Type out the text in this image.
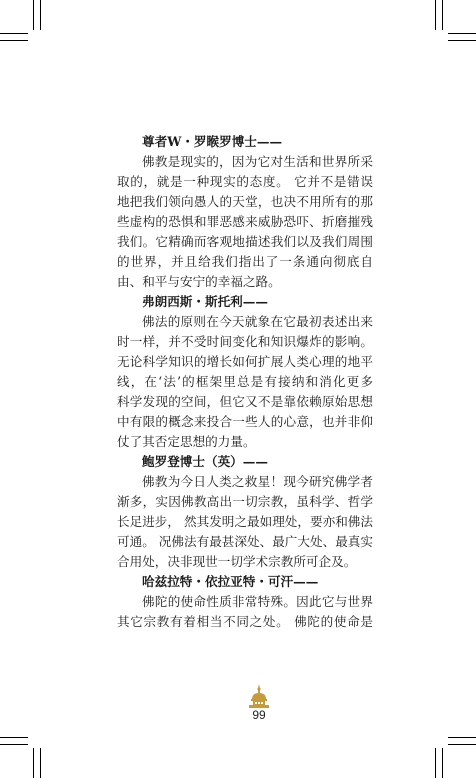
尊者W・罗睺罗博士——

佛教是现实的，因为它对生活和世界所采

取的，就是一种现实的态度。 它并不是错误

地把我们领向愚人的天堂，也决不用所有的那

些虚构的恐惧和罪恶感来威胁恐吓、折磨摧残

我们。它精确而客观地描述我们以及我们周围

的世界，并且给我们指出了一条通向彻底自

由、和平与安宁的幸福之路。

弗朗西斯・斯托利——

佛法的原则在今天就象在它最初表述出来

时一样，并不受时间变化和知识爆炸的影响。

无论科学知识的增长如何扩展人类心理的地平

线，在‘法’的框架里总是有接纳和消化更多

科学发现的空间，但它又不是靠依赖原始思想

中有限的概念来投合一些人的心意，也并非仰

仗了其否定思想的力量。

鲍罗登博士（英）——

佛教为今日人类之救星！现今研究佛学者

渐多，实因佛教高出一切宗教，虽科学、哲学

长足进步， 然其发明之最如理处，要亦和佛法

可通。 况佛法有最甚深处、最广大处、最真实

合用处，决非现世一切学术宗教所可企及。

哈兹拉特・依拉亚特・可汗——

佛陀的使命性质非常特殊。因此它与世界

其它宗教有着相当不同之处。 佛陀的使命是

99
